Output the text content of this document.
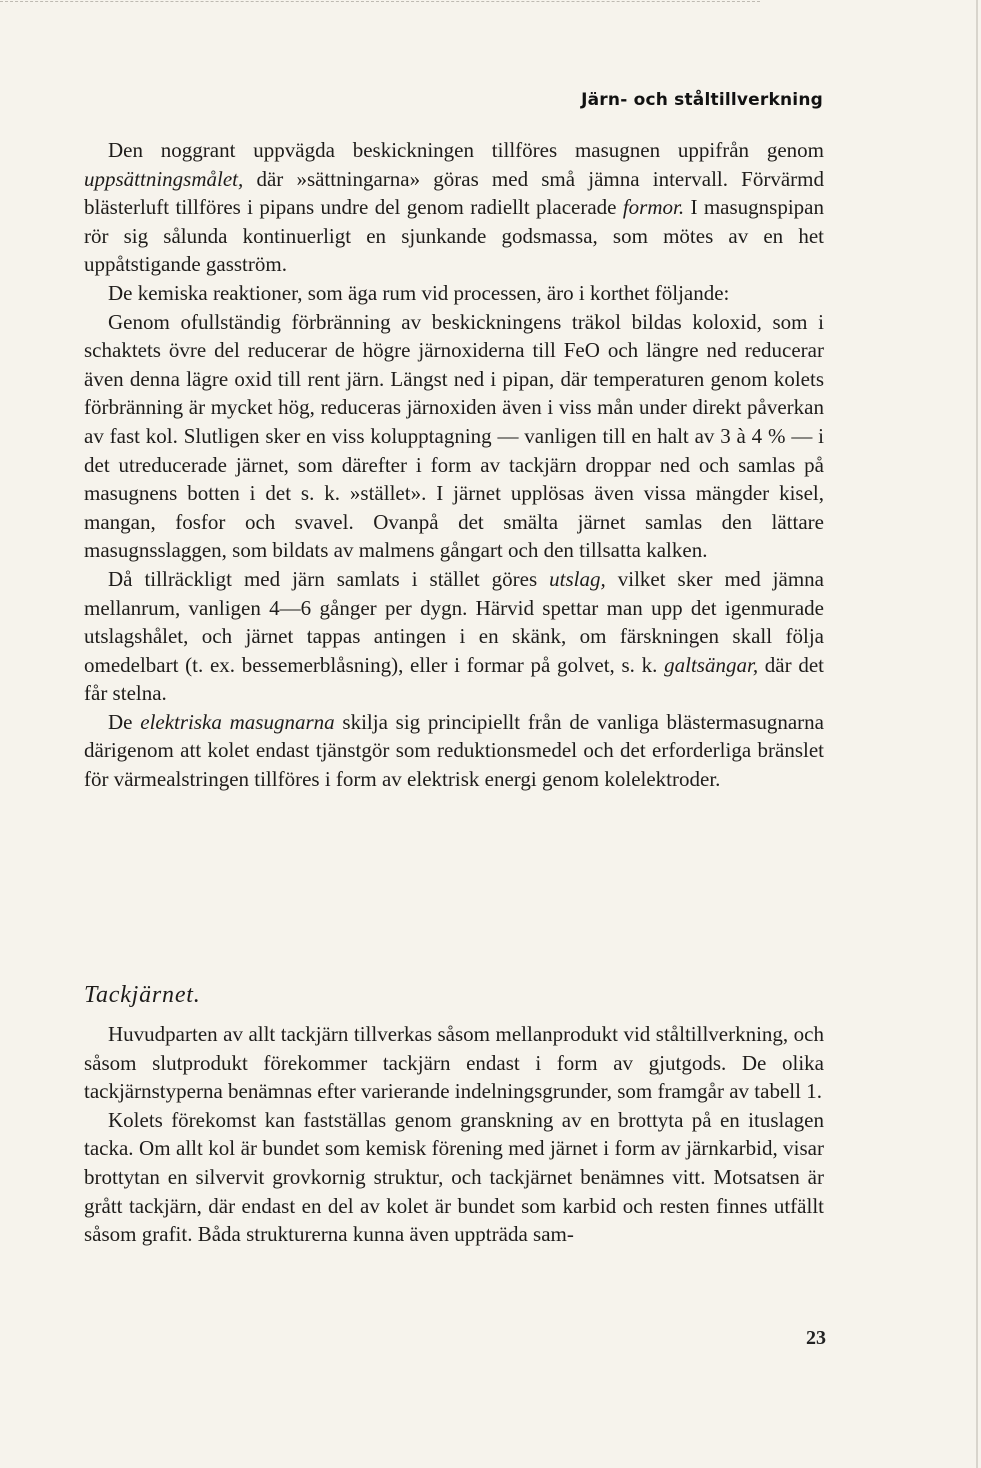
Järn- och ståltillverkning

Den noggrant uppvägda beskickningen tillföres masugnen uppifrån genom uppsättningsmålet, där »sättningarna» göras med små jämna intervall. Förvärmd blästerluft tillföres i pipans undre del genom radiellt placerade formor. I masugnspipan rör sig sålunda kontinuerligt en sjunkande godsmassa, som mötes av en het uppåtstigande gasström.

De kemiska reaktioner, som äga rum vid processen, äro i korthet följande:

Genom ofullständig förbränning av beskickningens träkol bildas koloxid, som i schaktets övre del reducerar de högre järnoxiderna till FeO och längre ned reducerar även denna lägre oxid till rent järn. Längst ned i pipan, där temperaturen genom kolets förbränning är mycket hög, reduceras järnoxiden även i viss mån under direkt påverkan av fast kol. Slutligen sker en viss kolupptagning — vanligen till en halt av 3 à 4 % — i det utreducerade järnet, som därefter i form av tackjärn droppar ned och samlas på masugnens botten i det s. k. »stället». I järnet upplösas även vissa mängder kisel, mangan, fosfor och svavel. Ovanpå det smälta järnet samlas den lättare masugnsslaggen, som bildats av malmens gångart och den tillsatta kalken.

Då tillräckligt med järn samlats i stället göres utslag, vilket sker med jämna mellanrum, vanligen 4—6 gånger per dygn. Härvid spettar man upp det igenmurade utslagshålet, och järnet tappas antingen i en skänk, om färskningen skall följa omedelbart (t. ex. bessemerblåsning), eller i formar på golvet, s. k. galtsängar, där det får stelna.

De elektriska masugnarna skilja sig principiellt från de vanliga blästermasugnarna därigenom att kolet endast tjänstgör som reduktionsmedel och det erforderliga bränslet för värmealstringen tillföres i form av elektrisk energi genom kolelektroder.

Tackjärnet.

Huvudparten av allt tackjärn tillverkas såsom mellanprodukt vid ståltillverkning, och såsom slutprodukt förekommer tackjärn endast i form av gjutgods. De olika tackjärnstyperna benämnas efter varierande indelningsgrunder, som framgår av tabell 1.

Kolets förekomst kan fastställas genom granskning av en brottyta på en ituslagen tacka. Om allt kol är bundet som kemisk förening med järnet i form av järnkarbid, visar brottytan en silvervit grovkornig struktur, och tackjärnet benämnes vitt. Motsatsen är grått tackjärn, där endast en del av kolet är bundet som karbid och resten finnes utfällt såsom grafit. Båda strukturerna kunna även uppträda sam-

23
